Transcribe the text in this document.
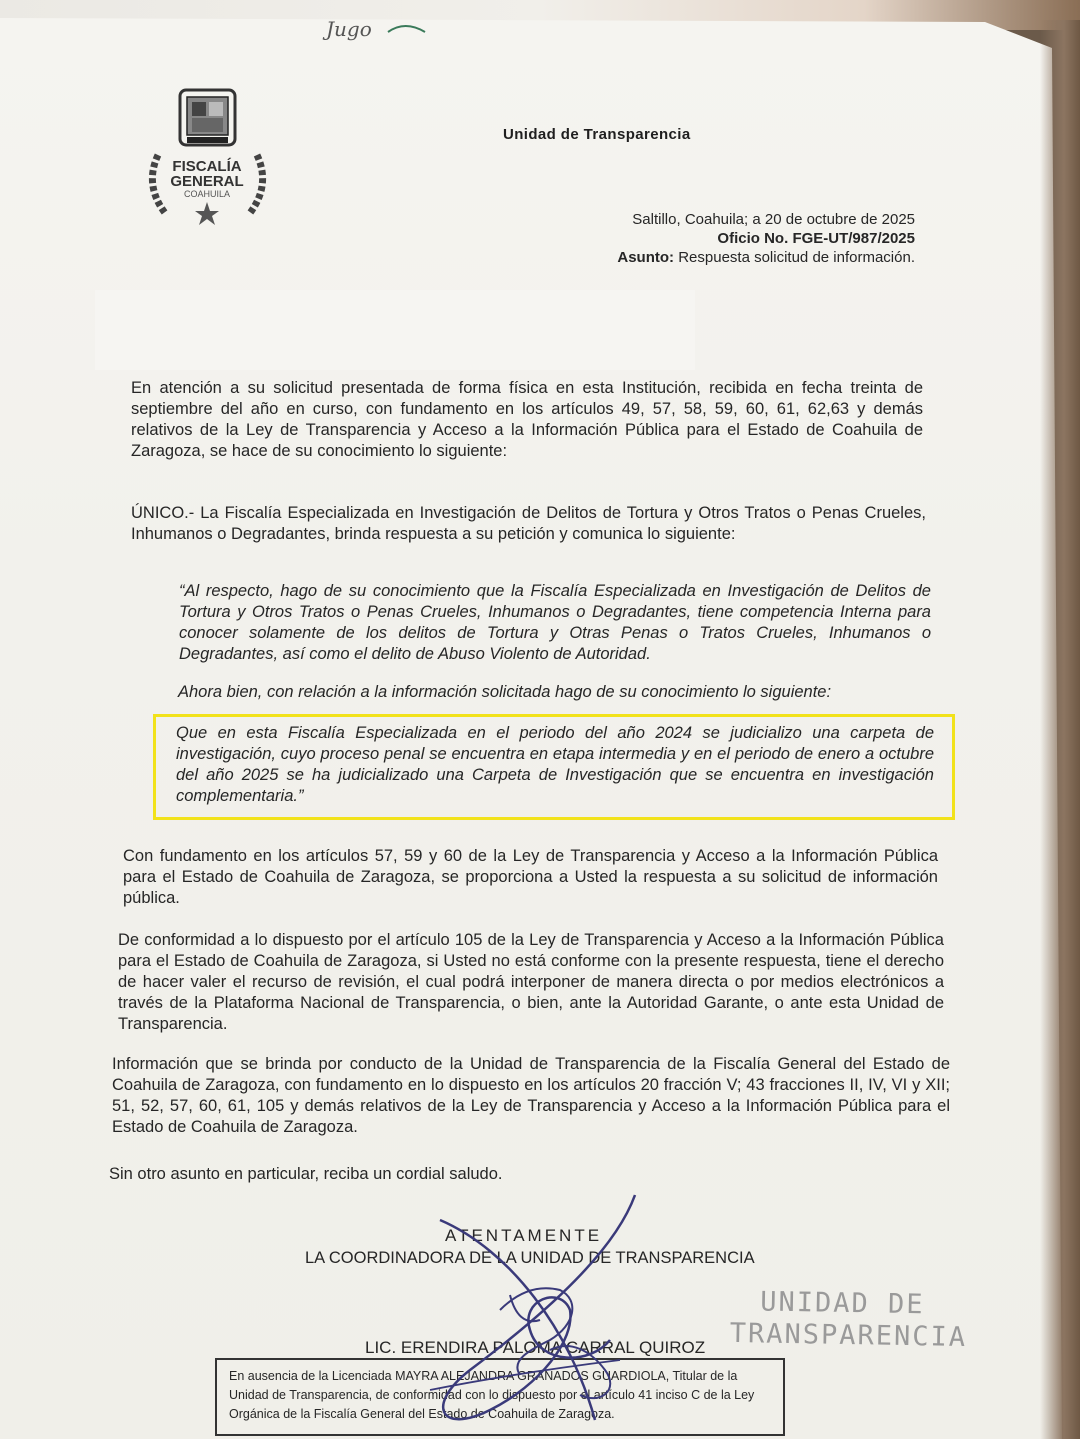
Jugo
FISCALÍA
GENERAL
COAHUILA
Unidad de Transparencia
Saltillo, Coahuila; a 20 de octubre de 2025
Oficio No. FGE-UT/987/2025
Asunto: Respuesta solicitud de información.

En atención a su solicitud presentada de forma física en esta Institución, recibida en fecha treinta de septiembre del año en curso, con fundamento en los artículos 49, 57, 58, 59, 60, 61, 62,63 y demás relativos de la Ley de Transparencia y Acceso a la Información Pública para el Estado de Coahuila de Zaragoza, se hace de su conocimiento lo siguiente:

ÚNICO.- La Fiscalía Especializada en Investigación de Delitos de Tortura y Otros Tratos o Penas Crueles, Inhumanos o Degradantes, brinda respuesta a su petición y comunica lo siguiente:

“Al respecto, hago de su conocimiento que la Fiscalía Especializada en Investigación de Delitos de Tortura y Otros Tratos o Penas Crueles, Inhumanos o Degradantes, tiene competencia Interna para conocer solamente de los delitos de Tortura y Otras Penas o Tratos Crueles, Inhumanos o Degradantes, así como el delito de Abuso Violento de Autoridad.

Ahora bien, con relación a la información solicitada hago de su conocimiento lo siguiente:

Que en esta Fiscalía Especializada en el periodo del año 2024 se judicializo una carpeta de investigación, cuyo proceso penal se encuentra en etapa intermedia y en el periodo de enero a octubre del año 2025 se ha judicializado una Carpeta de Investigación que se encuentra en investigación complementaria.”

Con fundamento en los artículos 57, 59 y 60 de la Ley de Transparencia y Acceso a la Información Pública para el Estado de Coahuila de Zaragoza, se proporciona a Usted la respuesta a su solicitud de información pública.

De conformidad a lo dispuesto por el artículo 105 de la Ley de Transparencia y Acceso a la Información Pública para el Estado de Coahuila de Zaragoza, si Usted no está conforme con la presente respuesta, tiene el derecho de hacer valer el recurso de revisión, el cual podrá interponer de manera directa o por medios electrónicos a través de la Plataforma Nacional de Transparencia, o bien, ante la Autoridad Garante, o ante esta Unidad de Transparencia.

Información que se brinda por conducto de la Unidad de Transparencia de la Fiscalía General del Estado de Coahuila de Zaragoza, con fundamento en lo dispuesto en los artículos 20 fracción V; 43 fracciones II, IV, VI y XII; 51, 52, 57, 60, 61, 105 y demás relativos de la Ley de Transparencia y Acceso a la Información Pública para el Estado de Coahuila de Zaragoza.

Sin otro asunto en particular, reciba un cordial saludo.

ATENTAMENTE
LA COORDINADORA DE LA UNIDAD DE TRANSPARENCIA
UNIDAD DE
TRANSPARENCIA
LIC. ERENDIRA PALOMA CARRAL QUIROZ
En ausencia de la Licenciada MAYRA ALEJANDRA GRANADOS GUARDIOLA, Titular de la Unidad de Transparencia, de conformidad con lo dispuesto por el artículo 41 inciso C de la Ley Orgánica de la Fiscalía General del Estado de Coahuila de Zaragoza.
